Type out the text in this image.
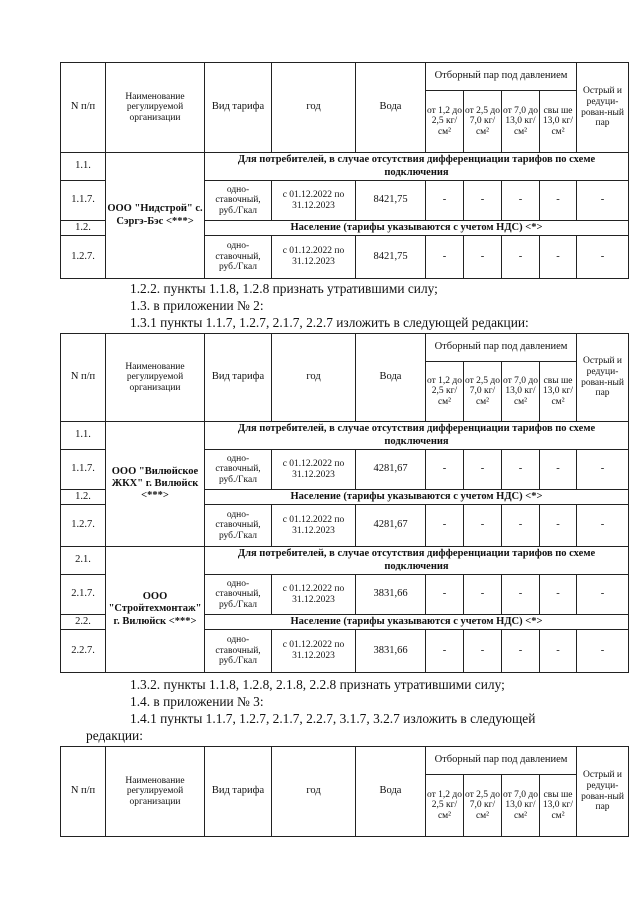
N п/п	Наименование регулируемой организации	Вид тарифа	год	Вода	Отборный пар под давлением				Острый и редуци-рован-ный пар
					от 1,2 до 2,5 кг/ см²	от 2,5 до 7,0 кг/ см²	от 7,0 до 13,0 кг/ см²	свы ше 13,0 кг/ см²	
1.1.	ООО "Нидстрой" с. Сэргэ-Бэс <***>	Для потребителей, в случае отсутствия дифференциации тарифов по схеме подключения							
1.1.7.		одно-ставочный, руб./Гкал	с 01.12.2022 по 31.12.2023	8421,75	-	-	-	-	-
1.2.		Население (тарифы указываются с учетом НДС) <*>							
1.2.7.		одно-ставочный, руб./Гкал	с 01.12.2022 по 31.12.2023	8421,75	-	-	-	-	-
1.2.2. пункты 1.1.8, 1.2.8 признать утратившими силу;
1.3. в приложении № 2:
1.3.1 пункты 1.1.7, 1.2.7, 2.1.7, 2.2.7 изложить в следующей редакции:
N п/п	Наименование регулируемой организации	Вид тарифа	год	Вода	Отборный пар под давлением				Острый и редуци-рован-ный пар
					от 1,2 до 2,5 кг/ см²	от 2,5 до 7,0 кг/ см²	от 7,0 до 13,0 кг/ см²	свы ше 13,0 кг/ см²	
1.1.	ООО "Вилюйское ЖКХ" г. Вилюйск <***>	Для потребителей, в случае отсутствия дифференциации тарифов по схеме подключения							
1.1.7.		одно-ставочный, руб./Гкал	с 01.12.2022 по 31.12.2023	4281,67	-	-	-	-	-
1.2.		Население (тарифы указываются с учетом НДС) <*>							
1.2.7.		одно-ставочный, руб./Гкал	с 01.12.2022 по 31.12.2023	4281,67	-	-	-	-	-
2.1.	ООО "Стройтехмонтаж" г. Вилюйск <***>	Для потребителей, в случае отсутствия дифференциации тарифов по схеме подключения							
2.1.7.		одно-ставочный, руб./Гкал	с 01.12.2022 по 31.12.2023	3831,66	-	-	-	-	-
2.2.		Население (тарифы указываются с учетом НДС) <*>							
2.2.7.		одно-ставочный, руб./Гкал	с 01.12.2022 по 31.12.2023	3831,66	-	-	-	-	-
1.3.2. пункты 1.1.8, 1.2.8, 2.1.8, 2.2.8 признать утратившими силу;
1.4. в приложении № 3:
1.4.1 пункты 1.1.7, 1.2.7, 2.1.7, 2.2.7, 3.1.7, 3.2.7 изложить в следующей
редакции:
N п/п	Наименование регулируемой организации	Вид тарифа	год	Вода	Отборный пар под давлением				Острый и редуци-рован-ный пар
					от 1,2 до 2,5 кг/ см²	от 2,5 до 7,0 кг/ см²	от 7,0 до 13,0 кг/ см²	свы ше 13,0 кг/ см²	
